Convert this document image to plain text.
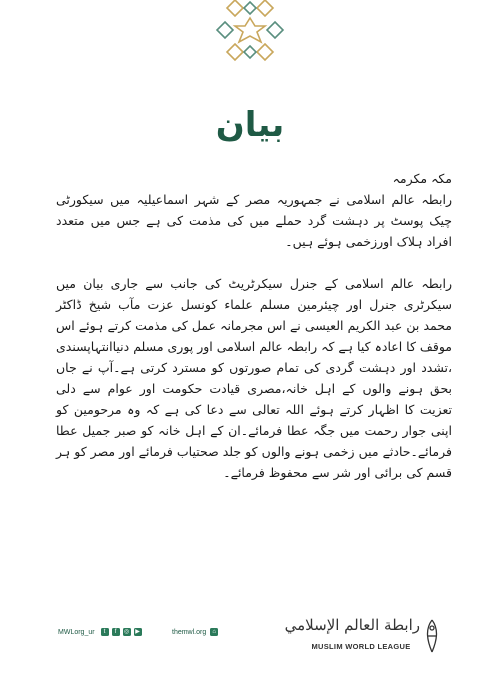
بیان

مکہ مکرمہ

رابطہ عالم اسلامی نے جمہوریہ مصر کے شہر اسماعیلیہ میں سیکورٹی چیک پوسٹ پر دہشت گرد حملے میں کی مذمت کی ہے جس میں متعدد افراد ہلاک اورزخمی ہوئے ہیں۔

رابطہ عالم اسلامی کے جنرل سیکرٹریٹ کی جانب سے جاری بیان میں سیکرٹری جنرل اور چیئرمین مسلم علماء کونسل عزت مآب شیخ ڈاکٹر محمد بن عبد الکریم العیسی نے اس مجرمانہ عمل کی مذمت کرتے ہوئے اس موقف کا اعادہ کیا ہے کہ رابطہ عالم اسلامی اور پوری مسلم دنیاانتہاپسندی ،تشدد اور دہشت گردی کی تمام صورتوں کو مسترد کرتی ہے۔آپ نے جاں بحق ہونے والوں کے اہل خانہ،مصری قیادت حکومت اور عوام سے دلی تعزیت کا اظہار کرتے ہوئے اللہ تعالی سے دعا کی ہے کہ وہ مرحومین کو اپنی جوار رحمت میں جگہ عطا فرمائے۔ان کے اہل خانہ کو صبر جمیل عطا فرمائے۔حادثے میں زخمی ہونے والوں کو جلد صحتیاب فرمائے اور مصر کو ہر قسم کی برائی اور شر سے محفوظ فرمائے۔

MWLorg_ur	t	f	◎ ▶	themwl.org	⌂	رابطة العالم الإسلامي
MUSLIM WORLD LEAGUE
